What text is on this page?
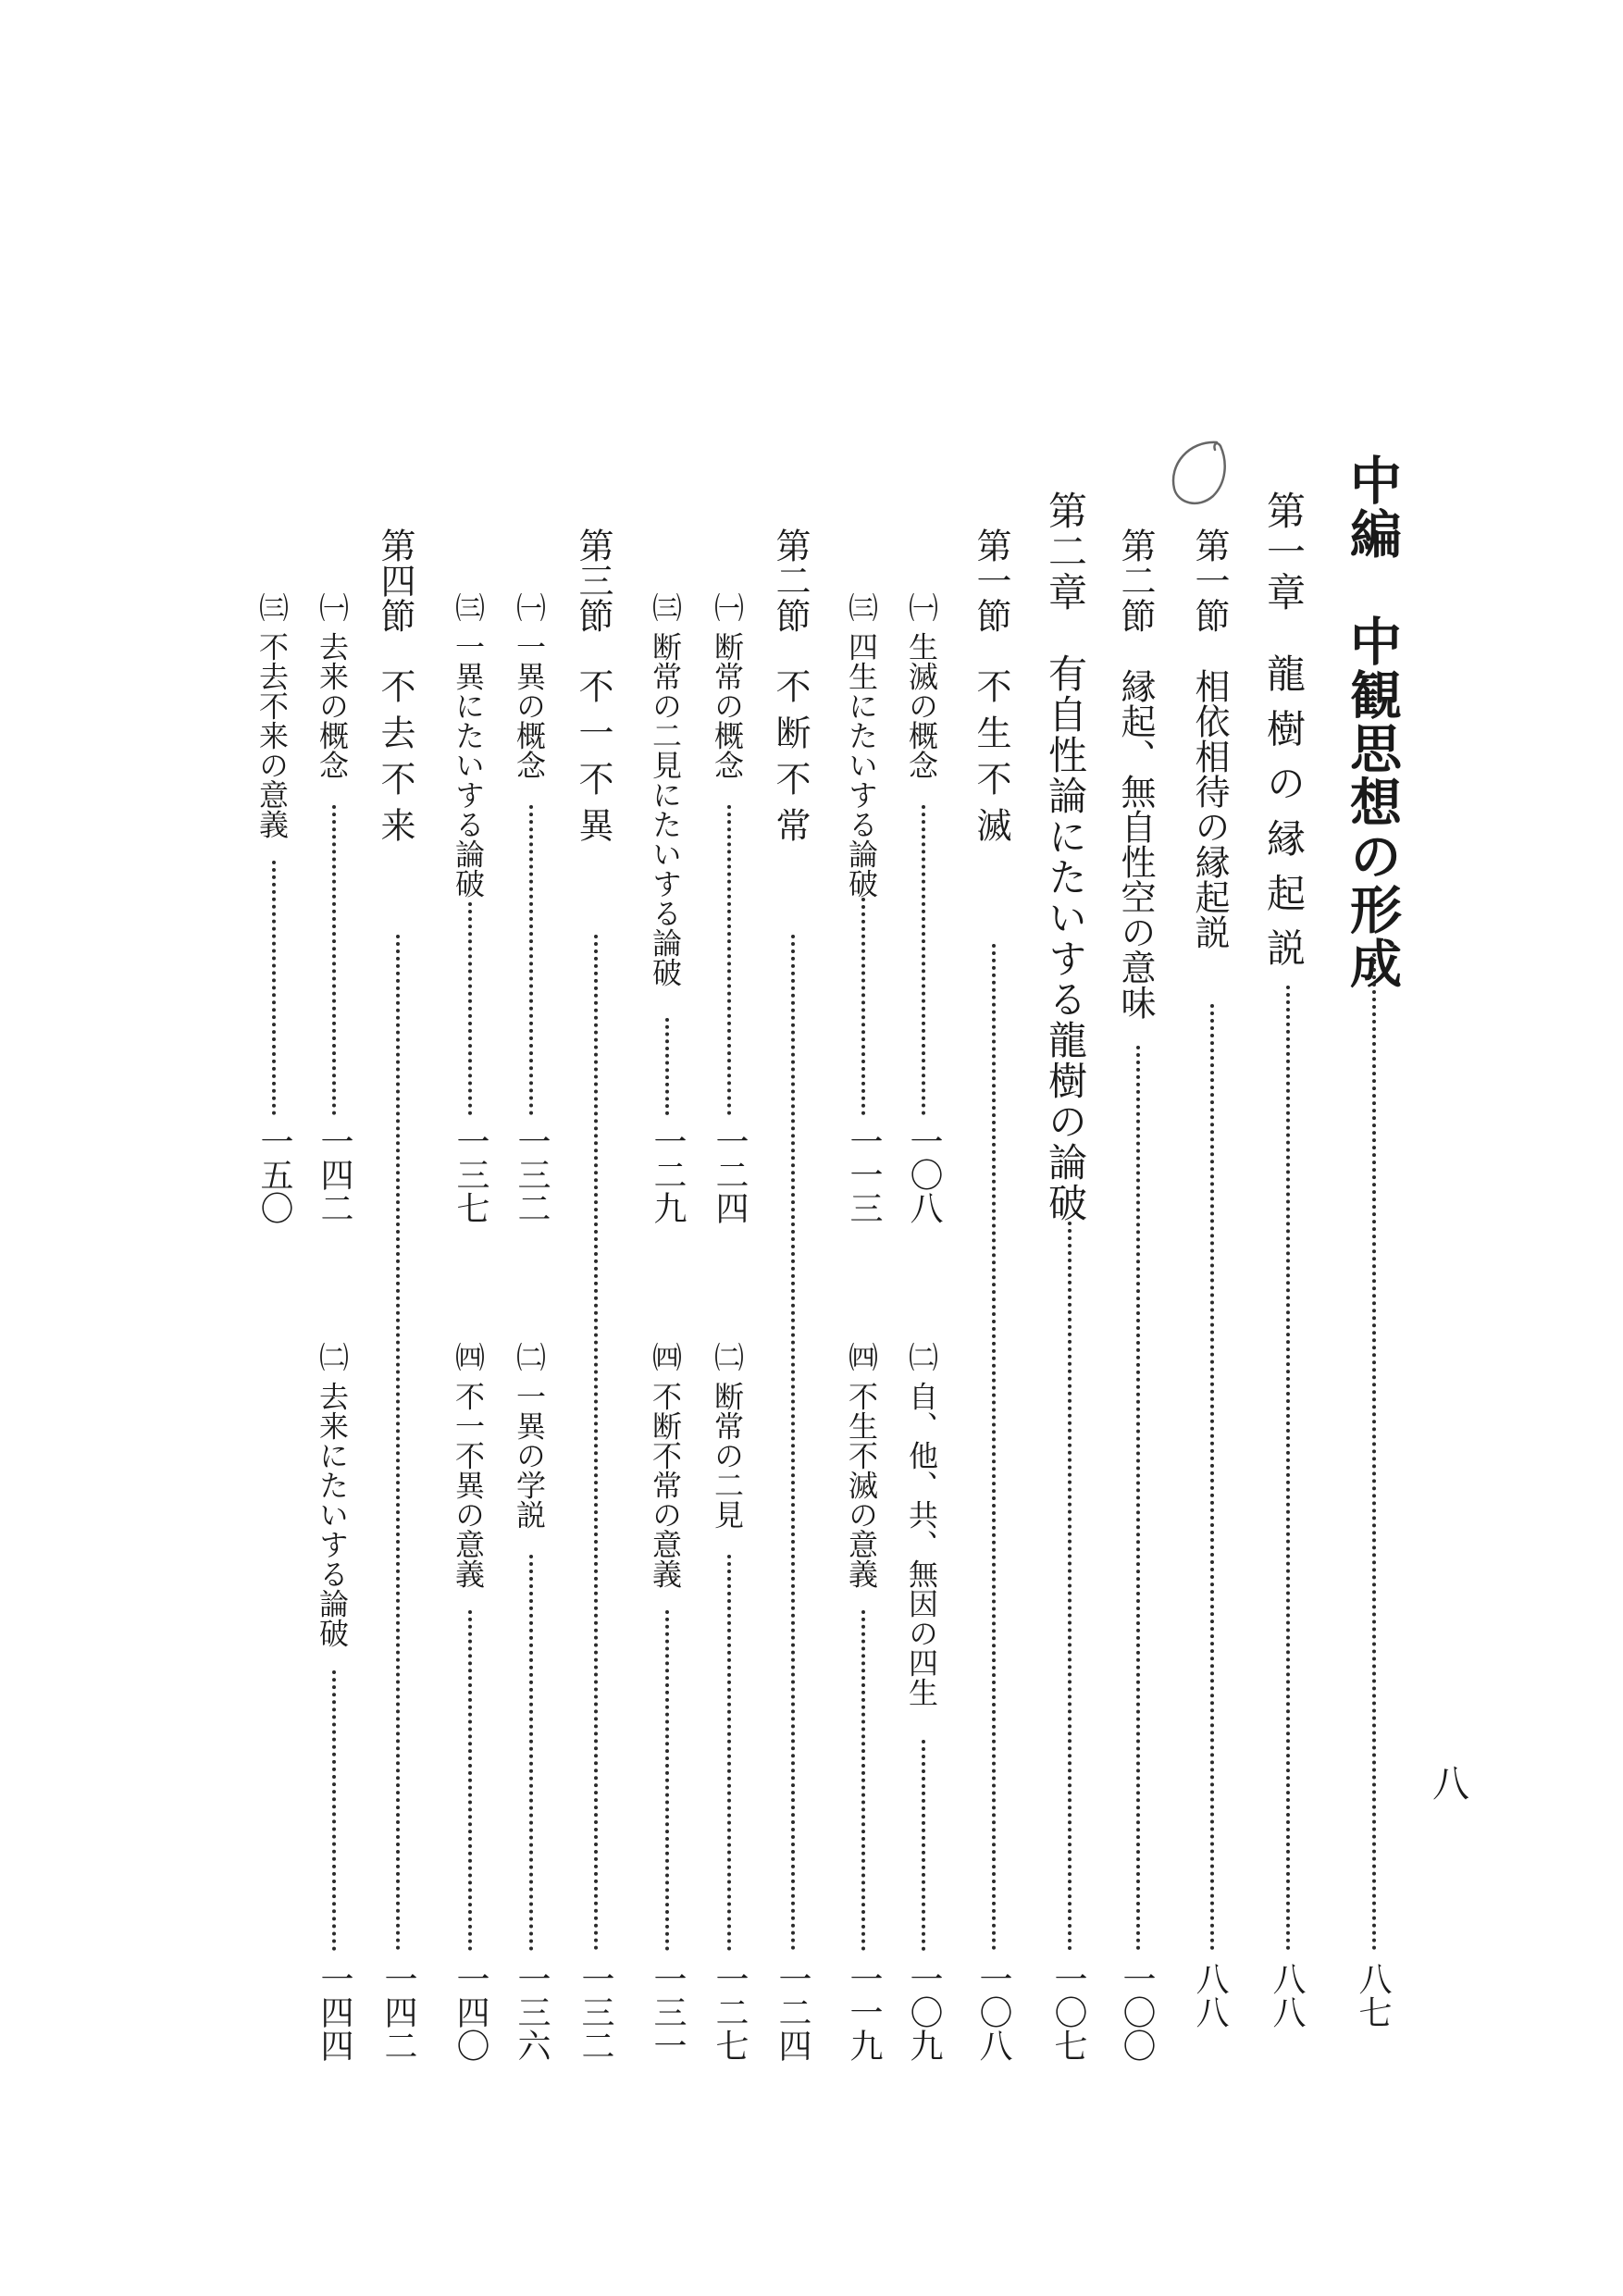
中編　中観思想の形成
八七
第一章　龍 樹 の 縁 起 説
八八
第一節　相依相待の縁起説
八八
第二節　縁起、無自性空の意味
一〇〇
第二章　有自性論にたいする龍樹の論破
一〇七
第一節　不 生 不 滅
一〇八
㈠ 生滅の概念
一〇八
㈢ 四生にたいする論破
一一三
第二節　不 断 不 常
一二四
㈠ 断常の概念
一二四
㈢ 断常の二見にたいする論破
一二九
第三節　不 一 不 異
一三二
㈠ 一異の概念
一三二
㈢ 一異にたいする論破
一三七
第四節　不 去 不 来
一四二
㈠ 去来の概念
一四二
㈢ 不去不来の意義
一五〇
㈡ 自、他、共、無因の四生
一〇九
㈣ 不生不滅の意義
一一九
㈡ 断常の二見
一二七
㈣ 不断不常の意義
一三一
㈡ 一異の学説
一三六
㈣ 不一不異の意義
一四〇
㈡ 去来にたいする論破
一四四
八
